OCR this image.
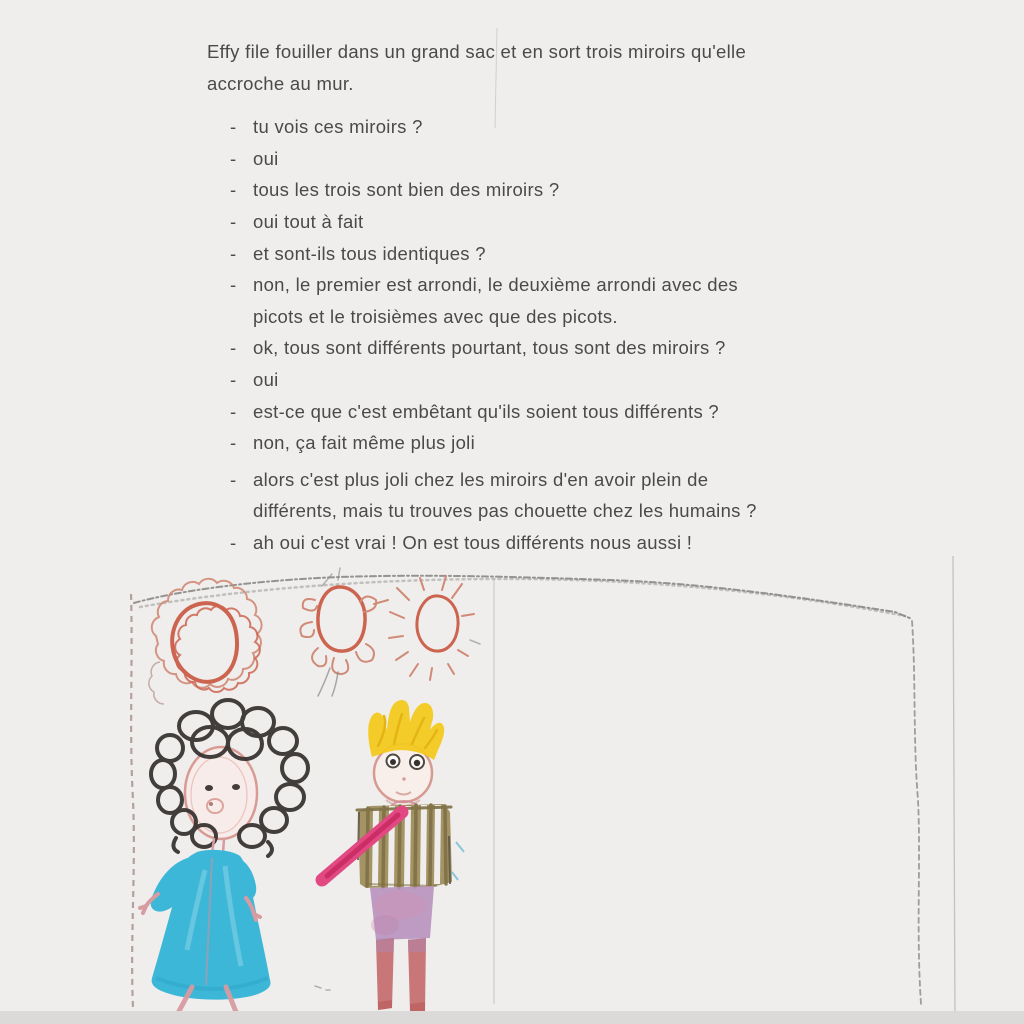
Effy file fouiller dans un grand sac et en sort trois miroirs qu'elle
accroche au mur.

- tu vois ces miroirs ?
- oui
- tous les trois sont bien des miroirs ?
- oui tout à fait
- et sont-ils tous identiques ?
- non, le premier est arrondi, le deuxième arrondi avec des
picots et le troisièmes avec que des picots.
- ok, tous sont différents pourtant, tous sont des miroirs ?
- oui
- est-ce que c'est embêtant qu'ils soient tous différents ?
- non, ça fait même plus joli
- alors c'est plus joli chez les miroirs d'en avoir plein de
différents, mais tu trouves pas chouette chez les humains ?
- ah oui c'est vrai ! On est tous différents nous aussi !
